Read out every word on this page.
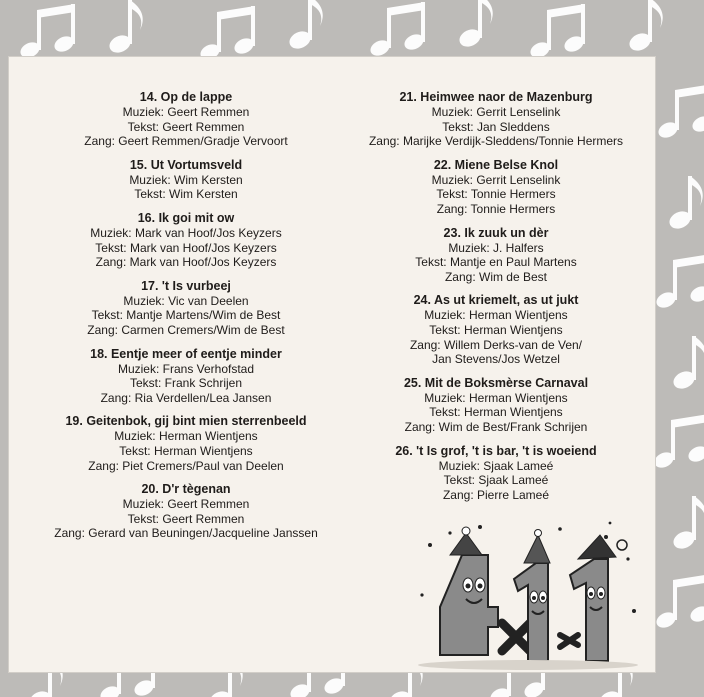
14. Op de lappe
Muziek: Geert Remmen
Tekst: Geert Remmen
Zang: Geert Remmen/Gradje Vervoort
15. Ut Vortumsveld
Muziek: Wim Kersten
Tekst: Wim Kersten
16. Ik goi mit ow
Muziek: Mark van Hoof/Jos Keyzers
Tekst: Mark van Hoof/Jos Keyzers
Zang: Mark van Hoof/Jos Keyzers
17. 't Is vurbeej
Muziek: Vic van Deelen
Tekst: Mantje Martens/Wim de Best
Zang: Carmen Cremers/Wim de Best
18. Eentje meer of eentje minder
Muziek: Frans Verhofstad
Tekst: Frank Schrijen
Zang: Ria Verdellen/Lea Jansen
19. Geitenbok, gij bint mien sterrenbeeld
Muziek: Herman Wientjens
Tekst: Herman Wientjens
Zang: Piet Cremers/Paul van Deelen
20. D'r tègenan
Muziek: Geert Remmen
Tekst: Geert Remmen
Zang: Gerard van Beuningen/Jacqueline Janssen
21. Heimwee naor de Mazenburg
Muziek: Gerrit Lenselink
Tekst: Jan Sleddens
Zang: Marijke Verdijk-Sleddens/Tonnie Hermers
22. Miene Belse Knol
Muziek: Gerrit Lenselink
Tekst: Tonnie Hermers
Zang: Tonnie Hermers
23. Ik zuuk un dèr
Muziek: J. Halfers
Tekst: Mantje en Paul Martens
Zang: Wim de Best
24. As ut kriemelt, as ut jukt
Muziek: Herman Wientjens
Tekst: Herman Wientjens
Zang: Willem Derks-van de Ven/
Jan Stevens/Jos Wetzel
25. Mit de Boksmèrse Carnaval
Muziek: Herman Wientjens
Tekst: Herman Wientjens
Zang: Wim de Best/Frank Schrijen
26. 't Is grof, 't is bar, 't is woeiend
Muziek: Sjaak Lameé
Tekst: Sjaak Lameé
Zang: Pierre Lameé
